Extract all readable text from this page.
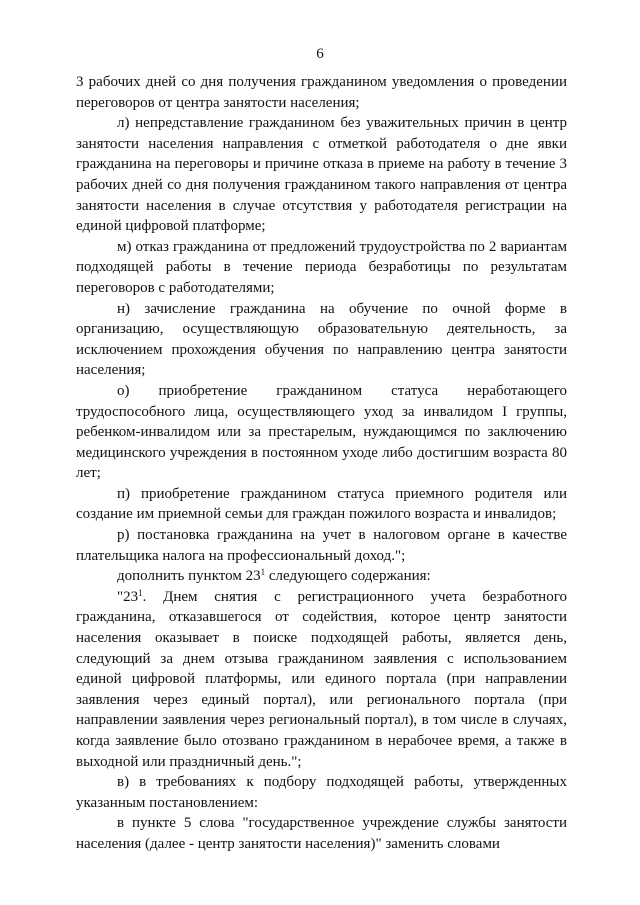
6

3 рабочих дней со дня получения гражданином уведомления о проведении переговоров от центра занятости населения;

л) непредставление гражданином без уважительных причин в центр занятости населения направления с отметкой работодателя о дне явки гражданина на переговоры и причине отказа в приеме на работу в течение 3 рабочих дней со дня получения гражданином такого направления от центра занятости населения в случае отсутствия у работодателя регистрации на единой цифровой платформе;

м) отказ гражданина от предложений трудоустройства по 2 вариантам подходящей работы в течение периода безработицы по результатам переговоров с работодателями;

н) зачисление гражданина на обучение по очной форме в организацию, осуществляющую образовательную деятельность, за исключением прохождения обучения по направлению центра занятости населения;

о) приобретение гражданином статуса неработающего трудоспособного лица, осуществляющего уход за инвалидом I группы, ребенком-инвалидом или за престарелым, нуждающимся по заключению медицинского учреждения в постоянном уходе либо достигшим возраста 80 лет;

п) приобретение гражданином статуса приемного родителя или создание им приемной семьи для граждан пожилого возраста и инвалидов;

р) постановка гражданина на учет в налоговом органе в качестве плательщика налога на профессиональный доход.";

дополнить пунктом $23^1$ следующего содержания:

"$23^1$. Днем снятия с регистрационного учета безработного гражданина, отказавшегося от содействия, которое центр занятости населения оказывает в поиске подходящей работы, является день, следующий за днем отзыва гражданином заявления с использованием единой цифровой платформы, или единого портала (при направлении заявления через единый портал), или регионального портала (при направлении заявления через региональный портал), в том числе в случаях, когда заявление было отозвано гражданином в нерабочее время, а также в выходной или праздничный день.";

в) в требованиях к подбору подходящей работы, утвержденных указанным постановлением:

в пункте 5 слова "государственное учреждение службы занятости населения (далее - центр занятости населения)" заменить словами
